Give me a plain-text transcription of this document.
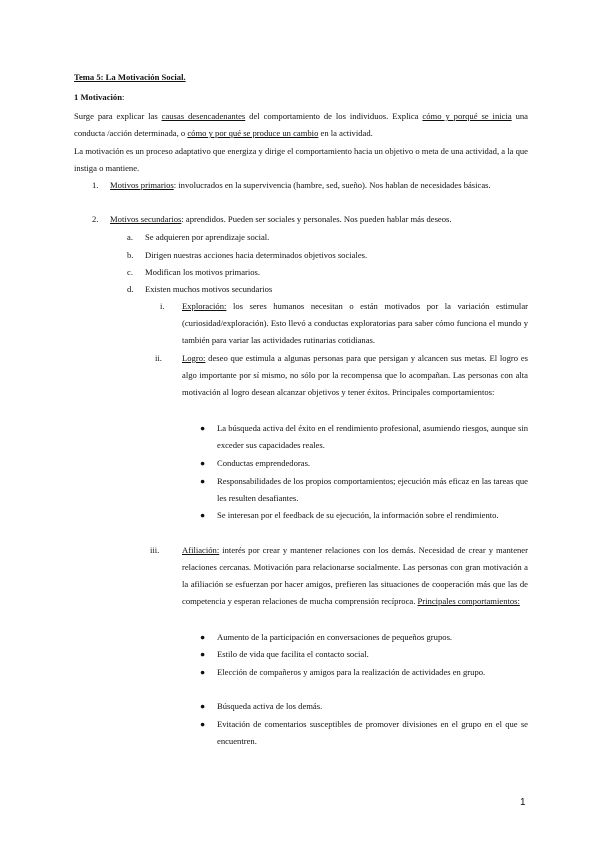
Tema 5: La Motivación Social.

1 Motivación:

Surge para explicar las causas desencadenantes del comportamiento de los individuos. Explica cómo y porqué se inicia una conducta /acción determinada, o cómo y por qué se produce un cambio en la actividad.

La motivación es un proceso adaptativo que energiza y dirige el comportamiento hacia un objetivo o meta de una actividad, a la que instiga o mantiene.

1. Motivos primarios: involucrados en la supervivencia (hambre, sed, sueño). Nos hablan de necesidades básicas.

2. Motivos secundarios: aprendidos. Pueden ser sociales y personales. Nos pueden hablar más deseos.

a. Se adquieren por aprendizaje social.

b. Dirigen nuestras acciones hacia determinados objetivos sociales.

c. Modifican los motivos primarios.

d. Existen muchos motivos secundarios

i. Exploración: los seres humanos necesitan o están motivados por la variación estimular (curiosidad/exploración). Esto llevó a conductas exploratorias para saber cómo funciona el mundo y también para variar las actividades rutinarias cotidianas.

ii. Logro: deseo que estimula a algunas personas para que persigan y alcancen sus metas. El logro es algo importante por sí mismo, no sólo por la recompensa que lo acompañan. Las personas con alta motivación al logro desean alcanzar objetivos y tener éxitos. Principales comportamientos:

● La búsqueda activa del éxito en el rendimiento profesional, asumiendo riesgos, aunque sin exceder sus capacidades reales.

● Conductas emprendedoras.

● Responsabilidades de los propios comportamientos; ejecución más eficaz en las tareas que les resulten desafiantes.

● Se interesan por el feedback de su ejecución, la información sobre el rendimiento.

iii.	Afiliación: interés por crear y mantener relaciones con los demás. Necesidad de crear y mantener relaciones cercanas. Motivación para relacionarse socialmente. Las personas con gran motivación a la afiliación se esfuerzan por hacer amigos, prefieren las situaciones de cooperación más que las de competencia y esperan relaciones de mucha comprensión recíproca. Principales comportamientos:

● Aumento de la participación en conversaciones de pequeños grupos.

● Estilo de vida que facilita el contacto social.

● Elección de compañeros y amigos para la realización de actividades en grupo.

● Búsqueda activa de los demás.

● Evitación de comentarios susceptibles de promover divisiones en el grupo en el que se encuentren.

1
